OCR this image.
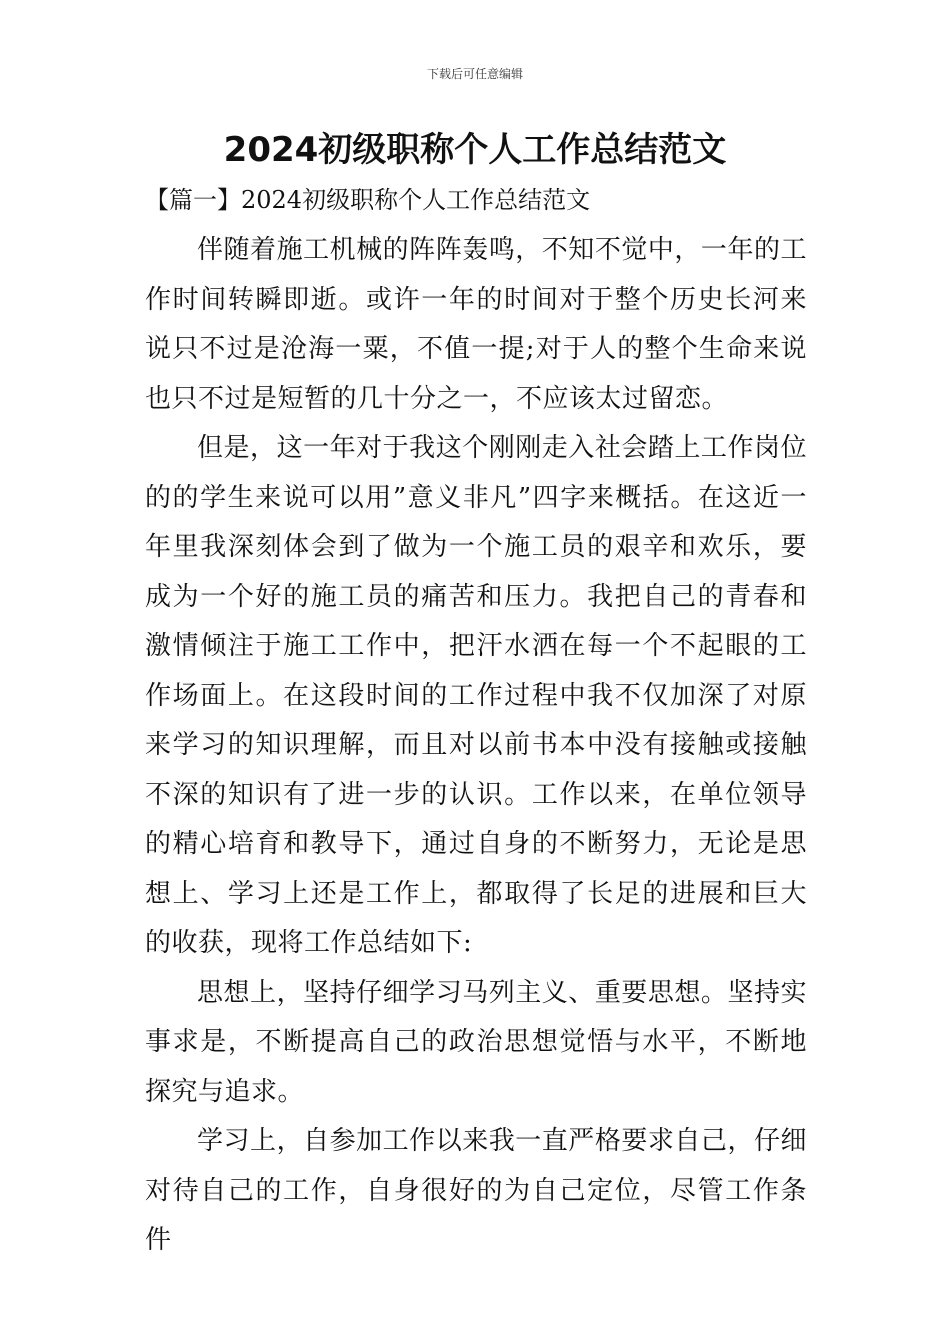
下载后可任意编辑
2024初级职称个人工作总结范文
【篇一】2024初级职称个人工作总结范文

伴随着施工机械的阵阵轰鸣，不知不觉中，一年的工作时间转瞬即逝。或许一年的时间对于整个历史长河来说只不过是沧海一粟，不值一提;对于人的整个生命来说也只不过是短暂的几十分之一，不应该太过留恋。

但是，这一年对于我这个刚刚走入社会踏上工作岗位的的学生来说可以用”意义非凡”四字来概括。在这近一年里我深刻体会到了做为一个施工员的艰辛和欢乐，要成为一个好的施工员的痛苦和压力。我把自己的青春和激情倾注于施工工作中，把汗水洒在每一个不起眼的工作场面上。在这段时间的工作过程中我不仅加深了对原来学习的知识理解，而且对以前书本中没有接触或接触不深的知识有了进一步的认识。工作以来，在单位领导的精心培育和教导下，通过自身的不断努力，无论是思想上、学习上还是工作上，都取得了长足的进展和巨大的收获，现将工作总结如下:

思想上，坚持仔细学习马列主义、重要思想。坚持实事求是，不断提高自己的政治思想觉悟与水平，不断地探究与追求。

学习上，自参加工作以来我一直严格要求自己，仔细对待自己的工作，自身很好的为自己定位，尽管工作条件
